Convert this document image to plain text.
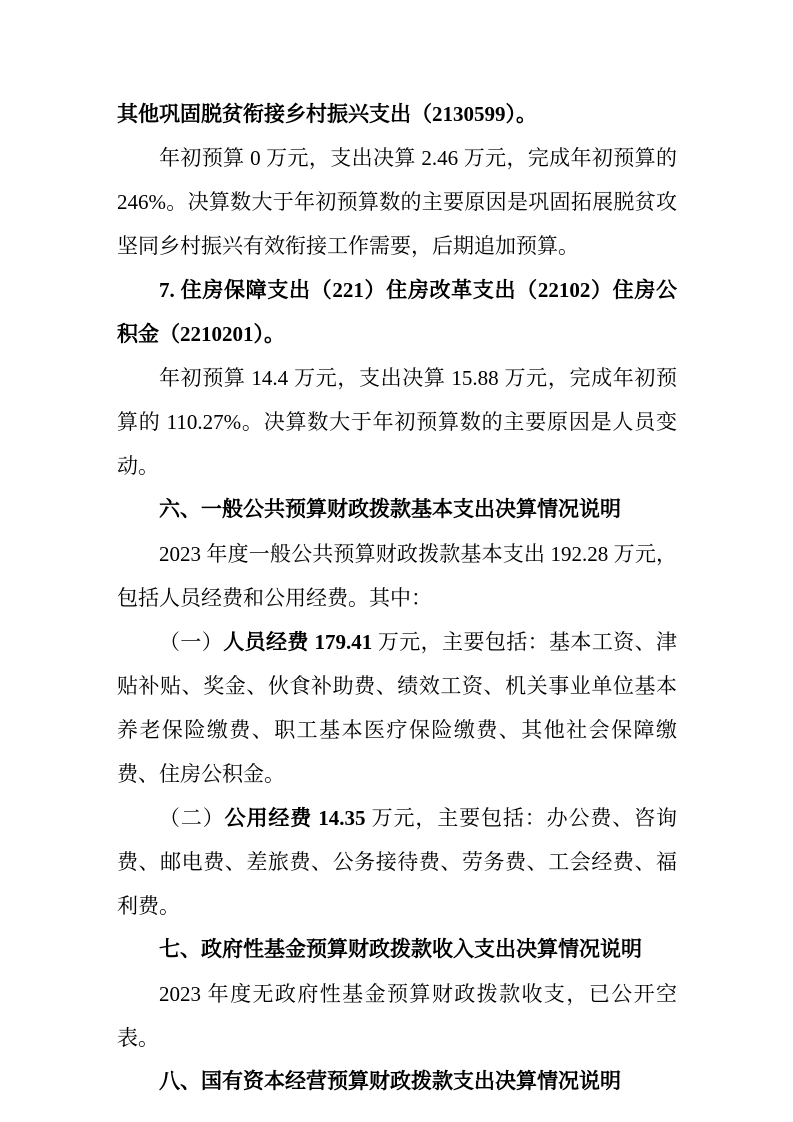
其他巩固脱贫衔接乡村振兴支出（2130599）。

年初预算 0 万元，支出决算 2.46 万元，完成年初预算的 246%。决算数大于年初预算数的主要原因是巩固拓展脱贫攻坚同乡村振兴有效衔接工作需要，后期追加预算。

7. 住房保障支出（221）住房改革支出（22102）住房公积金（2210201）。

年初预算 14.4 万元，支出决算 15.88 万元，完成年初预算的 110.27%。决算数大于年初预算数的主要原因是人员变动。

六、一般公共预算财政拨款基本支出决算情况说明

2023 年度一般公共预算财政拨款基本支出 192.28 万元，包括人员经费和公用经费。其中：

（一）人员经费 179.41 万元，主要包括：基本工资、津贴补贴、奖金、伙食补助费、绩效工资、机关事业单位基本养老保险缴费、职工基本医疗保险缴费、其他社会保障缴费、住房公积金。

（二）公用经费 14.35 万元，主要包括：办公费、咨询费、邮电费、差旅费、公务接待费、劳务费、工会经费、福利费。

七、政府性基金预算财政拨款收入支出决算情况说明

2023 年度无政府性基金预算财政拨款收支，已公开空表。

八、国有资本经营预算财政拨款支出决算情况说明
